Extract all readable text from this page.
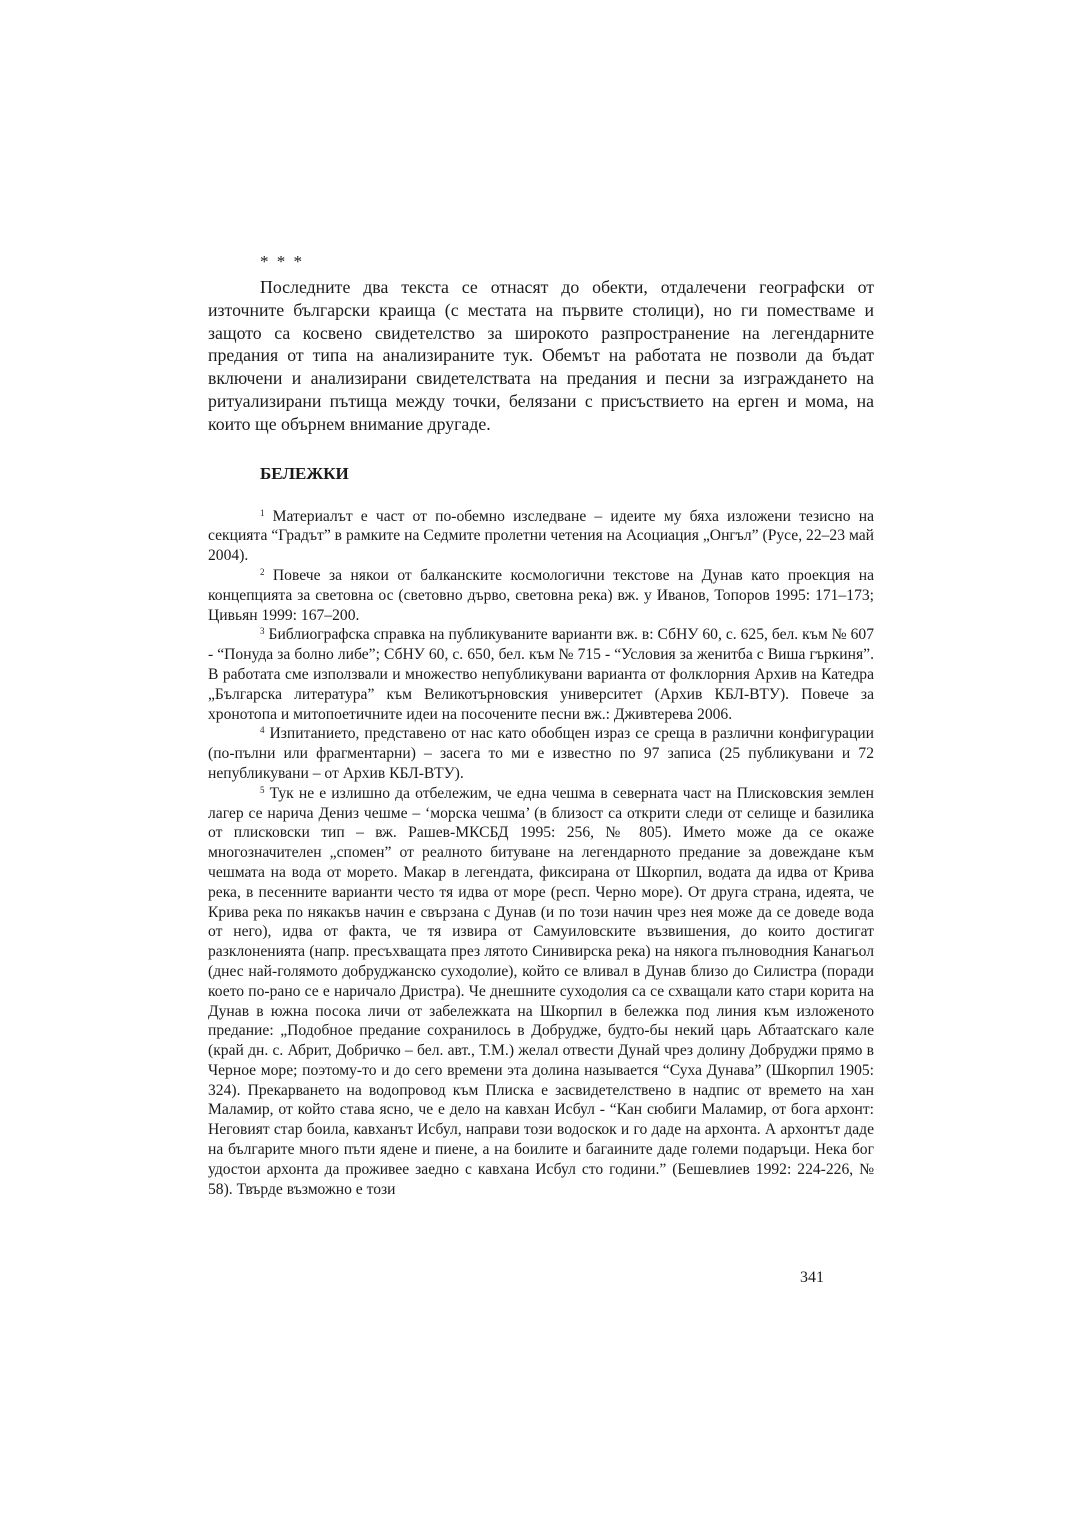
* * *

Последните два текста се отнасят до обекти, отдалечени географски от източните български краища (с местата на първите столици), но ги поместваме и защото са косвено свидетелство за широкото разпространение на легендарните предания от типа на анализираните тук. Обемът на работата не позволи да бъдат включени и анализирани свидетелствата на предания и песни за изграждането на ритуализирани пътища между точки, белязани с присъствието на ерген и мома, на които ще обърнем внимание другаде.

БЕЛЕЖКИ

$^1$ Материалът е част от по-обемно изследване – идеите му бяха изложени тезисно на секцията “Градът” в рамките на Седмите пролетни четения на Асоциация „Онгъл” (Русе, 22–23 май 2004).

$^2$ Повече за някои от балканските космологични текстове на Дунав като проекция на концепцията за световна ос (световно дърво, световна река) вж. у Иванов, Топоров 1995: 171–173; Цивьян 1999: 167–200.

$^3$ Библиографска справка на публикуваните варианти вж. в: СбНУ 60, с. 625, бел. към № 607 - “Понуда за болно либе”; СбНУ 60, с. 650, бел. към № 715 - “Условия за женитба с Виша гъркиня”. В работата сме използвали и множество непубликувани варианта от фолклорния Архив на Катедра „Българска литература” към Великотърновския университет (Архив КБЛ-ВТУ). Повече за хронотопа и митопоетичните идеи на посочените песни вж.: Дживтерева 2006.

$^4$ Изпитанието, представено от нас като обобщен израз се среща в различни конфигурации (по-пълни или фрагментарни) – засега то ми е известно по 97 записа (25 публикувани и 72 непубликувани – от Архив КБЛ-ВТУ).

$^5$ Тук не е излишно да отбележим, че една чешма в северната част на Плисковския землен лагер се нарича Дениз чешме – ‘морска чешма’ (в близост са открити следи от селище и базилика от плисковски тип – вж. Рашев-МКСБД 1995: 256, № 805). Името може да се окаже многозначителен „спомен” от реалното битуване на легендарното предание за довеждане към чешмата на вода от морето. Макар в легендата, фиксирана от Шкорпил, водата да идва от Крива река, в песенните варианти често тя идва от море (респ. Черно море). От друга страна, идеята, че Крива река по някакъв начин е свързана с Дунав (и по този начин чрез нея може да се доведе вода от него), идва от факта, че тя извира от Самуиловските възвишения, до които достигат разклоненията (напр. пресъхващата през лятото Синивирска река) на някога пълноводния Канагьол (днес най-голямото добруджанско суходолие), който се вливал в Дунав близо до Силистра (поради което по-рано се е наричало Дристра). Че днешните суходолия са се схващали като стари корита на Дунав в южна посока личи от забележката на Шкорпил в бележка под линия към изложеното предание: „Подобное предание сохранилось в Добрудже, будто-бы некий царь Абтаатскаго кале (край дн. с. Абрит, Добричко – бел. авт., Т.М.) желал отвести Дунай чрез долину Добруджи прямо в Черное море; поэтому-то и до сего времени эта долина называется “Суха Дунава” (Шкорпил 1905: 324). Прекарването на водопровод към Плиска е засвидетелствено в надпис от времето на хан Маламир, от който става ясно, че е дело на кавхан Исбул - “Кан сюбиги Маламир, от бога архонт: Неговият стар боила, кавханът Исбул, направи този водоскок и го даде на архонта. А архонтът даде на българите много пъти ядене и пиене, а на боилите и багаините даде големи подаръци. Нека бог удостои архонта да проживее заедно с кавхана Исбул сто години.” (Бешевлиев 1992: 224-226, № 58). Твърде възможно е този

341
